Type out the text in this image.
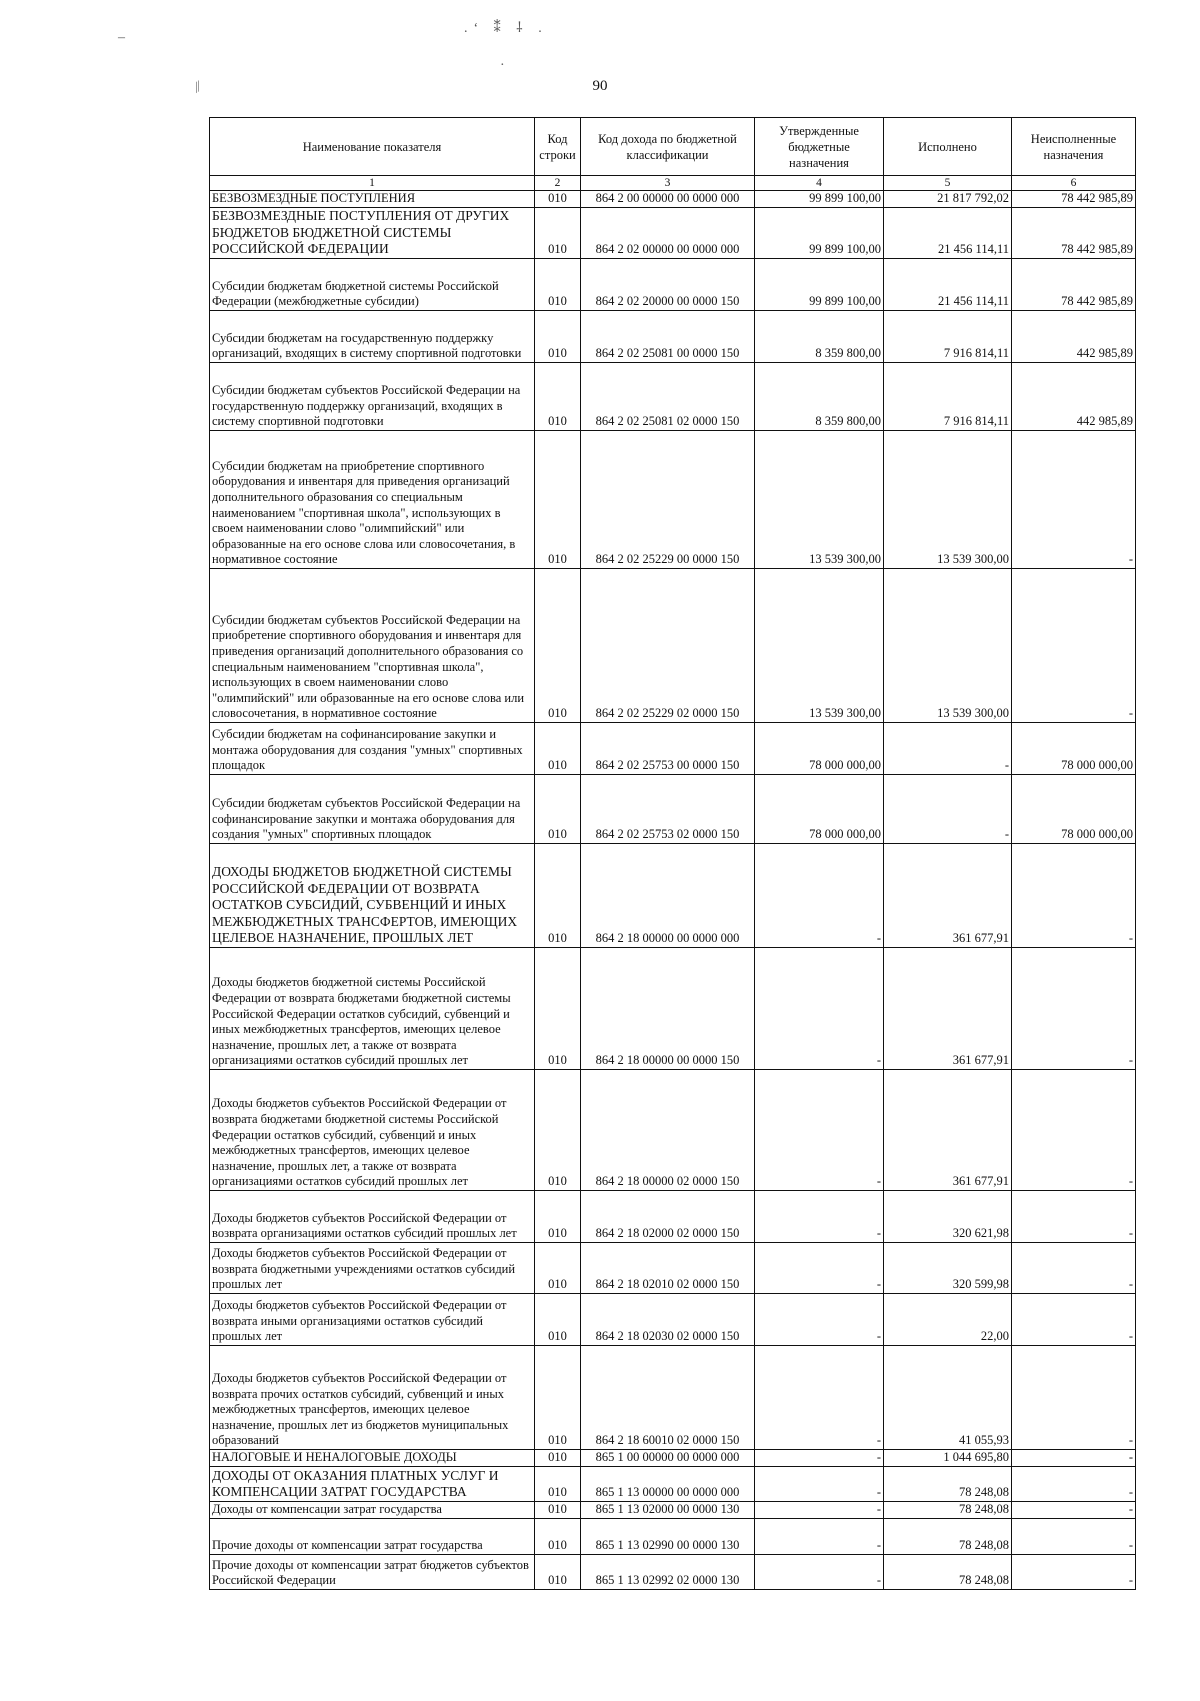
90
.‘ ⁑ ⸸ .
⁄⁄
–
·
Наименование показателя	Код строки	Код дохода по бюджетной классификации	Утвержденные бюджетные назначения	Исполнено	Неисполненные назначения
1	2	3	4	5	6
БЕЗВОЗМЕЗДНЫЕ ПОСТУПЛЕНИЯ	010	864 2 00 00000 00 0000 000	99 899 100,00	21 817 792,02	78 442 985,89
БЕЗВОЗМЕЗДНЫЕ ПОСТУПЛЕНИЯ ОТ ДРУГИХ БЮДЖЕТОВ БЮДЖЕТНОЙ СИСТЕМЫ РОССИЙСКОЙ ФЕДЕРАЦИИ	010	864 2 02 00000 00 0000 000	99 899 100,00	21 456 114,11	78 442 985,89
Субсидии бюджетам бюджетной системы Российской Федерации (межбюджетные субсидии)	010	864 2 02 20000 00 0000 150	99 899 100,00	21 456 114,11	78 442 985,89
Субсидии бюджетам на государственную поддержку организаций, входящих в систему спортивной подготовки	010	864 2 02 25081 00 0000 150	8 359 800,00	7 916 814,11	442 985,89
Субсидии бюджетам субъектов Российской Федерации на государственную поддержку организаций, входящих в систему спортивной подготовки	010	864 2 02 25081 02 0000 150	8 359 800,00	7 916 814,11	442 985,89
Субсидии бюджетам на приобретение спортивного оборудования и инвентаря для приведения организаций дополнительного образования со специальным наименованием "спортивная школа", использующих в своем наименовании слово "олимпийский" или образованные на его основе слова или словосочетания, в нормативное состояние	010	864 2 02 25229 00 0000 150	13 539 300,00	13 539 300,00	-
Субсидии бюджетам субъектов Российской Федерации на приобретение спортивного оборудования и инвентаря для приведения организаций дополнительного образования со специальным наименованием "спортивная школа", использующих в своем наименовании слово "олимпийский" или образованные на его основе слова или словосочетания, в нормативное состояние	010	864 2 02 25229 02 0000 150	13 539 300,00	13 539 300,00	-
Субсидии бюджетам на софинансирование закупки и монтажа оборудования для создания "умных" спортивных площадок	010	864 2 02 25753 00 0000 150	78 000 000,00	-	78 000 000,00
Субсидии бюджетам субъектов Российской Федерации на софинансирование закупки и монтажа оборудования для создания "умных" спортивных площадок	010	864 2 02 25753 02 0000 150	78 000 000,00	-	78 000 000,00
ДОХОДЫ БЮДЖЕТОВ БЮДЖЕТНОЙ СИСТЕМЫ РОССИЙСКОЙ ФЕДЕРАЦИИ ОТ ВОЗВРАТА ОСТАТКОВ СУБСИДИЙ, СУБВЕНЦИЙ И ИНЫХ МЕЖБЮДЖЕТНЫХ ТРАНСФЕРТОВ, ИМЕЮЩИХ ЦЕЛЕВОЕ НАЗНАЧЕНИЕ, ПРОШЛЫХ ЛЕТ	010	864 2 18 00000 00 0000 000	-	361 677,91	-
Доходы бюджетов бюджетной системы Российской Федерации от возврата бюджетами бюджетной системы Российской Федерации остатков субсидий, субвенций и иных межбюджетных трансфертов, имеющих целевое назначение, прошлых лет, а также от возврата организациями остатков субсидий прошлых лет	010	864 2 18 00000 00 0000 150	-	361 677,91	-
Доходы бюджетов субъектов Российской Федерации от возврата бюджетами бюджетной системы Российской Федерации остатков субсидий, субвенций и иных межбюджетных трансфертов, имеющих целевое назначение, прошлых лет, а также от возврата организациями остатков субсидий прошлых лет	010	864 2 18 00000 02 0000 150	-	361 677,91	-
Доходы бюджетов субъектов Российской Федерации от возврата организациями остатков субсидий прошлых лет	010	864 2 18 02000 02 0000 150	-	320 621,98	-
Доходы бюджетов субъектов Российской Федерации от возврата бюджетными учреждениями остатков субсидий прошлых лет	010	864 2 18 02010 02 0000 150	-	320 599,98	-
Доходы бюджетов субъектов Российской Федерации от возврата иными организациями остатков субсидий прошлых лет	010	864 2 18 02030 02 0000 150	-	22,00	-
Доходы бюджетов субъектов Российской Федерации от возврата прочих остатков субсидий, субвенций и иных межбюджетных трансфертов, имеющих целевое назначение, прошлых лет из бюджетов муниципальных образований	010	864 2 18 60010 02 0000 150	-	41 055,93	-
НАЛОГОВЫЕ И НЕНАЛОГОВЫЕ ДОХОДЫ	010	865 1 00 00000 00 0000 000	-	1 044 695,80	-
ДОХОДЫ ОТ ОКАЗАНИЯ ПЛАТНЫХ УСЛУГ И КОМПЕНСАЦИИ ЗАТРАТ ГОСУДАРСТВА	010	865 1 13 00000 00 0000 000	-	78 248,08	-
Доходы от компенсации затрат государства	010	865 1 13 02000 00 0000 130	-	78 248,08	-
Прочие доходы от компенсации затрат государства	010	865 1 13 02990 00 0000 130	-	78 248,08	-
Прочие доходы от компенсации затрат бюджетов субъектов Российской Федерации	010	865 1 13 02992 02 0000 130	-	78 248,08	-
